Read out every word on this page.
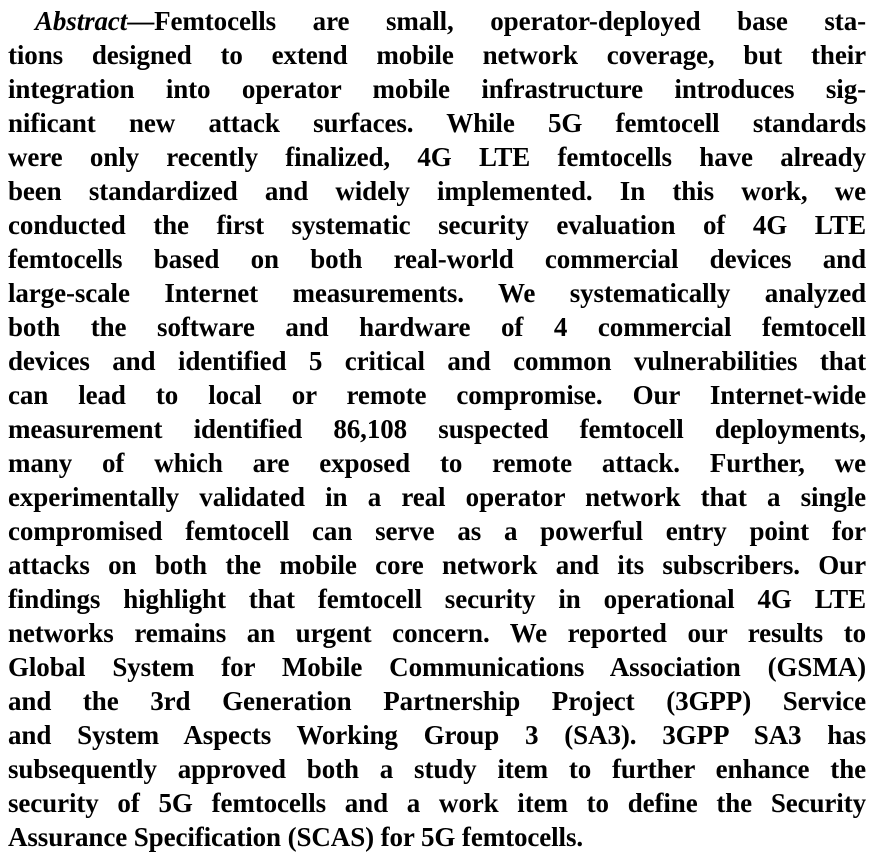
Abstract—Femtocells are small, operator-deployed base sta-
tions designed to extend mobile network coverage, but their
integration into operator mobile infrastructure introduces sig-
nificant new attack surfaces. While 5G femtocell standards
were only recently finalized, 4G LTE femtocells have already
been standardized and widely implemented. In this work, we
conducted the first systematic security evaluation of 4G LTE
femtocells based on both real-world commercial devices and
large-scale Internet measurements. We systematically analyzed
both the software and hardware of 4 commercial femtocell
devices and identified 5 critical and common vulnerabilities that
can lead to local or remote compromise. Our Internet-wide
measurement identified 86,108 suspected femtocell deployments,
many of which are exposed to remote attack. Further, we
experimentally validated in a real operator network that a single
compromised femtocell can serve as a powerful entry point for
attacks on both the mobile core network and its subscribers. Our
findings highlight that femtocell security in operational 4G LTE
networks remains an urgent concern. We reported our results to
Global System for Mobile Communications Association (GSMA)
and the 3rd Generation Partnership Project (3GPP) Service
and System Aspects Working Group 3 (SA3). 3GPP SA3 has
subsequently approved both a study item to further enhance the
security of 5G femtocells and a work item to define the Security
Assurance Specification (SCAS) for 5G femtocells.
